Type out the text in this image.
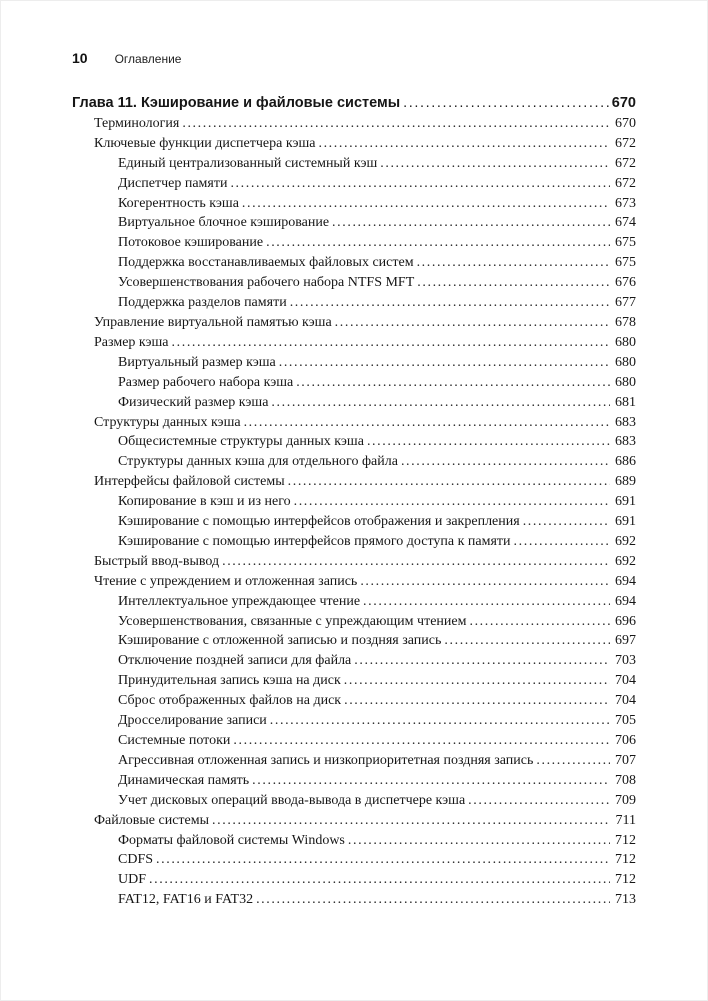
10 Оглавление
Глава 11. Кэширование и файловые системы .....	670
Терминология .....	670
Ключевые функции диспетчера кэша .....	672
Единый централизованный системный кэш .....	672
Диспетчер памяти .....	672
Когерентность кэша .....	673
Виртуальное блочное кэширование .....	674
Потоковое кэширование .....	675
Поддержка восстанавливаемых файловых систем .....	675
Усовершенствования рабочего набора NTFS MFT .....	676
Поддержка разделов памяти .....	677
Управление виртуальной памятью кэша .....	678
Размер кэша .....	680
Виртуальный размер кэша .....	680
Размер рабочего набора кэша .....	680
Физический размер кэша .....	681
Структуры данных кэша .....	683
Общесистемные структуры данных кэша .....	683
Структуры данных кэша для отдельного файла .....	686
Интерфейсы файловой системы .....	689
Копирование в кэш и из него .....	691
Кэширование с помощью интерфейсов отображения и закрепления .....	691
Кэширование с помощью интерфейсов прямого доступа к памяти .....	692
Быстрый ввод-вывод .....	692
Чтение с упреждением и отложенная запись .....	694
Интеллектуальное упреждающее чтение .....	694
Усовершенствования, связанные с упреждающим чтением .....	696
Кэширование с отложенной записью и поздняя запись .....	697
Отключение поздней записи для файла .....	703
Принудительная запись кэша на диск .....	704
Сброс отображенных файлов на диск .....	704
Дросселирование записи .....	705
Системные потоки .....	706
Агрессивная отложенная запись и низкоприоритетная поздняя запись .....	707
Динамическая память .....	708
Учет дисковых операций ввода-вывода в диспетчере кэша .....	709
Файловые системы .....	711
Форматы файловой системы Windows .....	712
CDFS .....	712
UDF .....	712
FAT12, FAT16 и FAT32 .....	713
